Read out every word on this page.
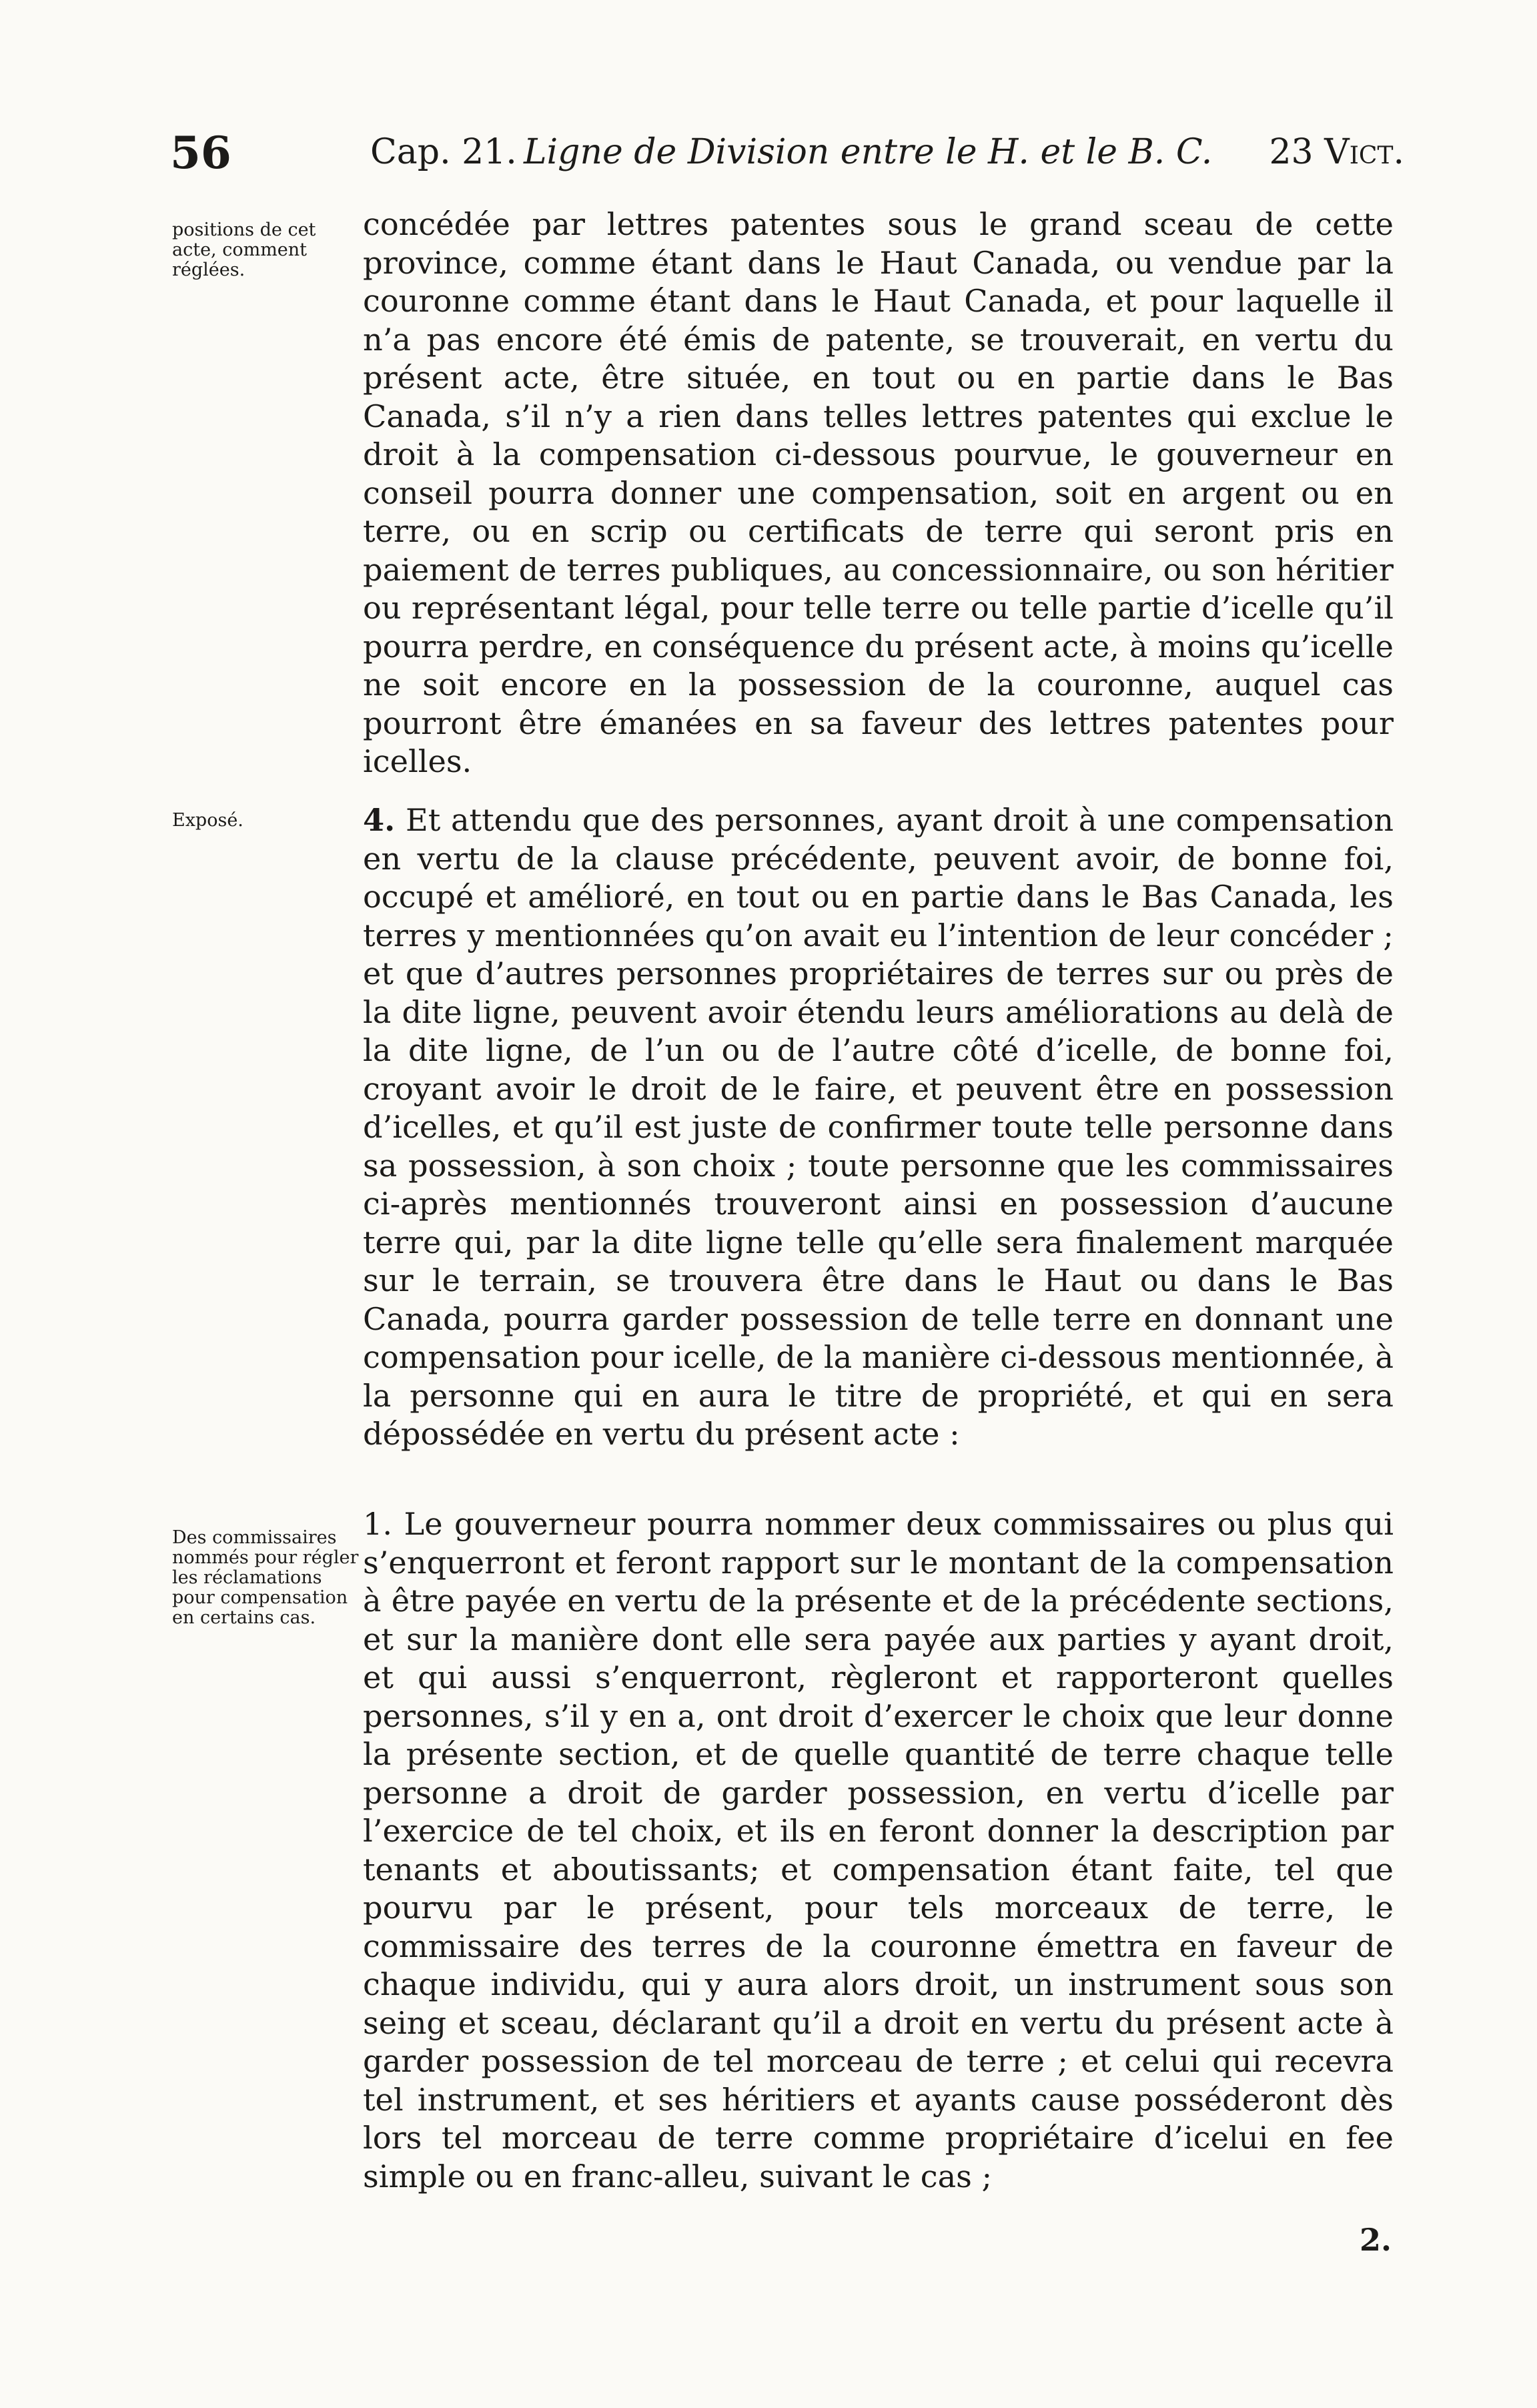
56	Cap. 21. Ligne de Division entre le H. et le B. C. 23 Vict.
positions de cet acte, comment réglées.
concédée par lettres patentes sous le grand sceau de cette province, comme étant dans le Haut Canada, ou vendue par la couronne comme étant dans le Haut Canada, et pour laquelle il n’a pas encore été émis de patente, se trouverait, en vertu du présent acte, être située, en tout ou en partie dans le Bas Canada, s’il n’y a rien dans telles lettres patentes qui exclue le droit à la compensation ci-dessous pourvue, le gouverneur en conseil pourra donner une compensation, soit en argent ou en terre, ou en scrip ou certificats de terre qui seront pris en paiement de terres publiques, au concessionnaire, ou son héritier ou représentant légal, pour telle terre ou telle partie d’icelle qu’il pourra perdre, en conséquence du présent acte, à moins qu’icelle ne soit encore en la possession de la couronne, auquel cas pourront être émanées en sa faveur des lettres patentes pour icelles.
Exposé.	4. Et attendu que des personnes, ayant droit à une compensation en vertu de la clause précédente, peuvent avoir, de bonne foi, occupé et amélioré, en tout ou en partie dans le Bas Canada, les terres y mentionnées qu’on avait eu l’intention de leur concéder ; et que d’autres personnes propriétaires de terres sur ou près de la dite ligne, peuvent avoir étendu leurs améliorations au delà de la dite ligne, de l’un ou de l’autre côté d’icelle, de bonne foi, croyant avoir le droit de le faire, et peuvent être en possession d’icelles, et qu’il est juste de confirmer toute telle personne dans sa possession, à son choix ; toute personne que les commissaires ci-après mentionnés trouveront ainsi en possession d’aucune terre qui, par la dite ligne telle qu’elle sera finalement marquée sur le terrain, se trouvera être dans le Haut ou dans le Bas Canada, pourra garder possession de telle terre en donnant une compensation pour icelle, de la manière ci-dessous mentionnée, à la personne qui en aura le titre de propriété, et qui en sera dépossédée en vertu du présent acte :
Des commissaires nommés pour régler les réclamations pour compensation en certains cas.
1. Le gouverneur pourra nommer deux commissaires ou plus qui s’enquerront et feront rapport sur le montant de la compensation à être payée en vertu de la présente et de la précédente sections, et sur la manière dont elle sera payée aux parties y ayant droit, et qui aussi s’enquerront, règleront et rapporteront quelles personnes, s’il y en a, ont droit d’exercer le choix que leur donne la présente section, et de quelle quantité de terre chaque telle personne a droit de garder possession, en vertu d’icelle par l’exercice de tel choix, et ils en feront donner la description par tenants et aboutissants; et compensation étant faite, tel que pourvu par le présent, pour tels morceaux de terre, le commissaire des terres de la couronne émettra en faveur de chaque individu, qui y aura alors droit, un instrument sous son seing et sceau, déclarant qu’il a droit en vertu du présent acte à garder possession de tel morceau de terre ; et celui qui recevra tel instrument, et ses héritiers et ayants cause posséderont dès lors tel morceau de terre comme propriétaire d’icelui en fee simple ou en franc-alleu, suivant le cas ;
2.
